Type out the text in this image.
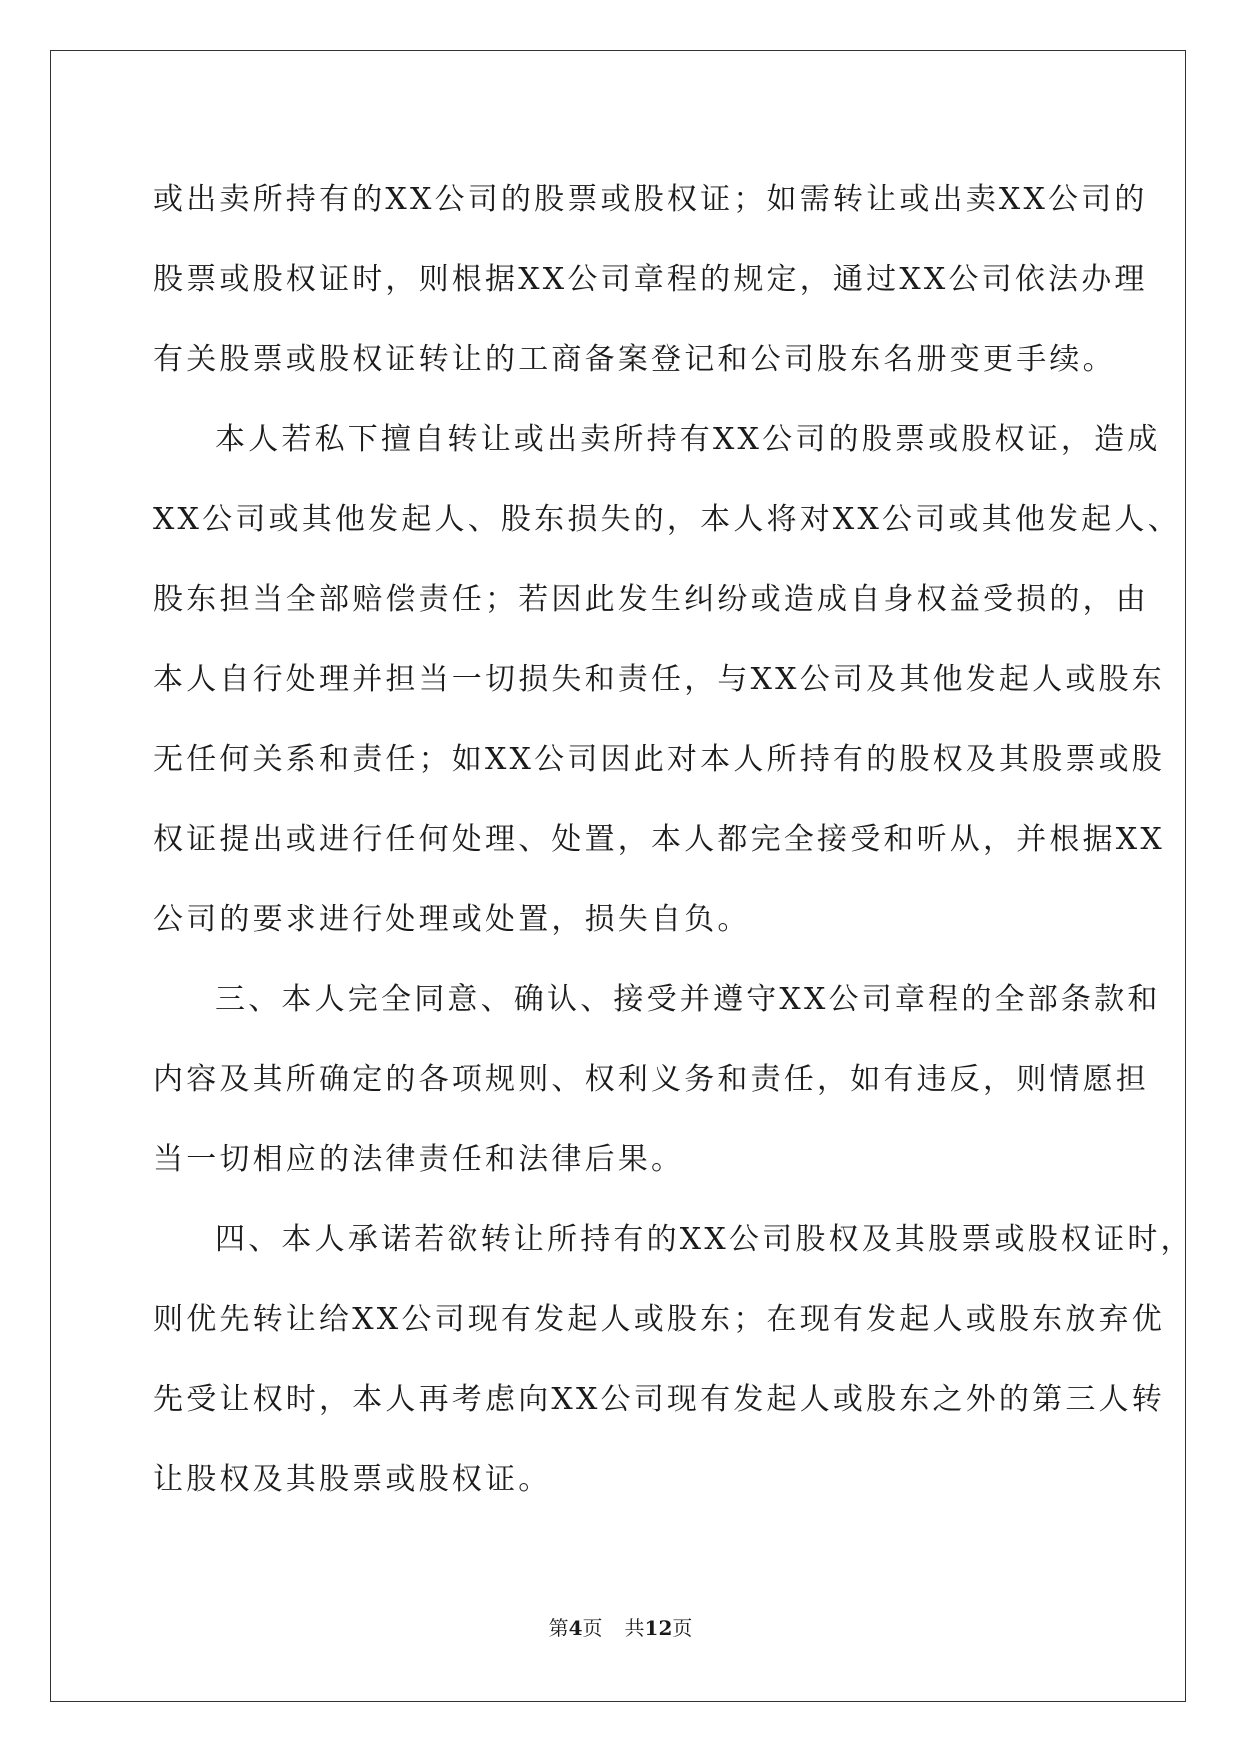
或出卖所持有的XX公司的股票或股权证；如需转让或出卖XX公司的
股票或股权证时，则根据XX公司章程的规定，通过XX公司依法办理
有关股票或股权证转让的工商备案登记和公司股东名册变更手续。
本人若私下擅自转让或出卖所持有XX公司的股票或股权证，造成
XX公司或其他发起人、股东损失的，本人将对XX公司或其他发起人、
股东担当全部赔偿责任；若因此发生纠纷或造成自身权益受损的，由
本人自行处理并担当一切损失和责任，与XX公司及其他发起人或股东
无任何关系和责任；如XX公司因此对本人所持有的股权及其股票或股
权证提出或进行任何处理、处置，本人都完全接受和听从，并根据XX
公司的要求进行处理或处置，损失自负。
三、本人完全同意、确认、接受并遵守XX公司章程的全部条款和
内容及其所确定的各项规则、权利义务和责任，如有违反，则情愿担
当一切相应的法律责任和法律后果。
四、本人承诺若欲转让所持有的XX公司股权及其股票或股权证时，
则优先转让给XX公司现有发起人或股东；在现有发起人或股东放弃优
先受让权时，本人再考虑向XX公司现有发起人或股东之外的第三人转
让股权及其股票或股权证。
第4页 共12页
